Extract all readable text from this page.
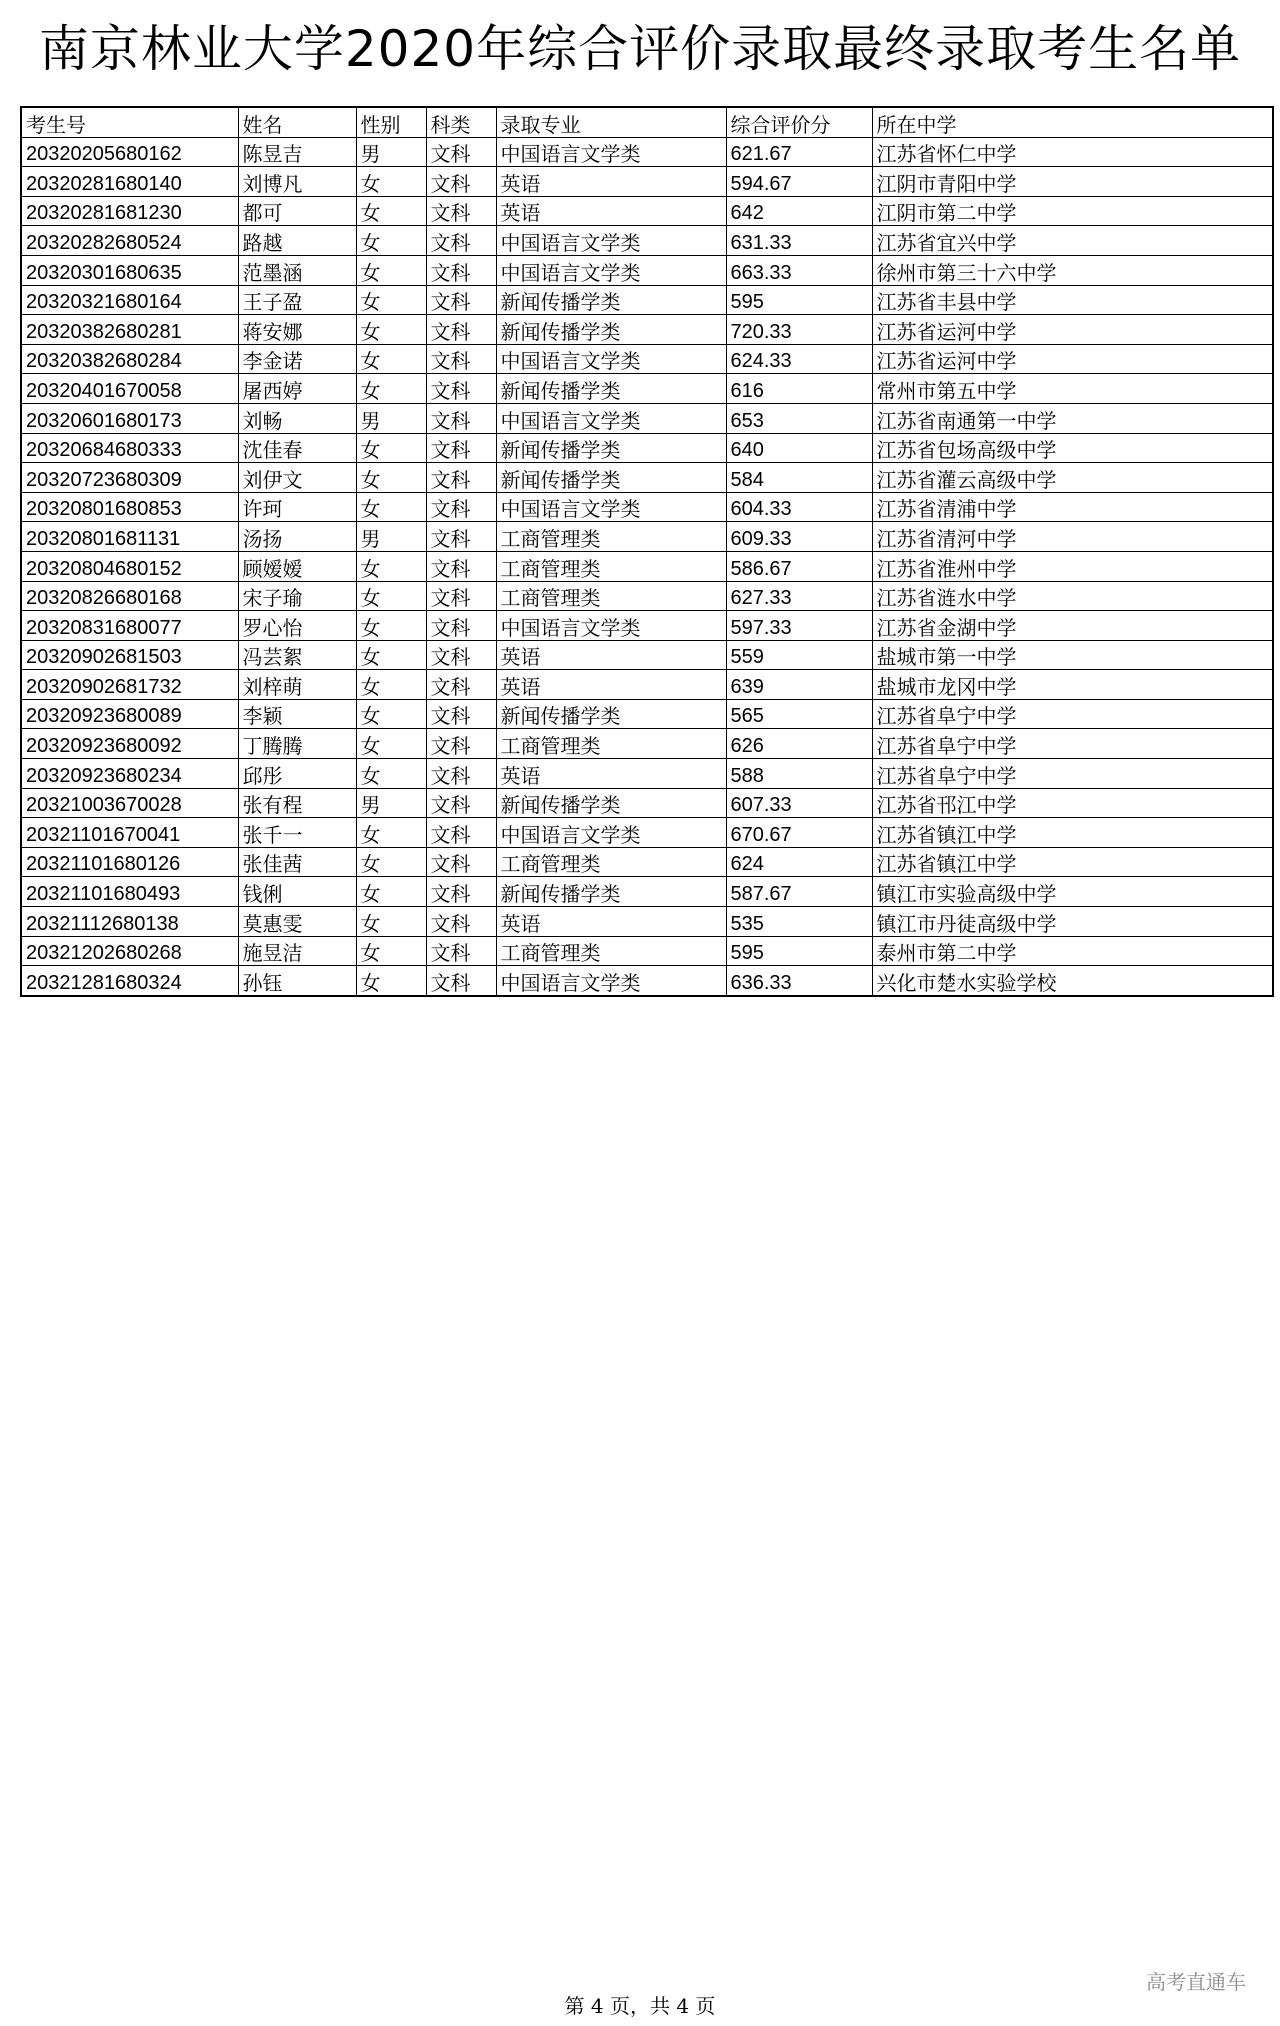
南京林业大学2020年综合评价录取最终录取考生名单
考生号	姓名	性别	科类	录取专业	综合评价分	所在中学
20320205680162	陈昱吉	男	文科	中国语言文学类	621.67	江苏省怀仁中学
20320281680140	刘博凡	女	文科	英语	594.67	江阴市青阳中学
20320281681230	都可	女	文科	英语	642	江阴市第二中学
20320282680524	路越	女	文科	中国语言文学类	631.33	江苏省宜兴中学
20320301680635	范墨涵	女	文科	中国语言文学类	663.33	徐州市第三十六中学
20320321680164	王子盈	女	文科	新闻传播学类	595	江苏省丰县中学
20320382680281	蒋安娜	女	文科	新闻传播学类	720.33	江苏省运河中学
20320382680284	李金诺	女	文科	中国语言文学类	624.33	江苏省运河中学
20320401670058	屠西婷	女	文科	新闻传播学类	616	常州市第五中学
20320601680173	刘畅	男	文科	中国语言文学类	653	江苏省南通第一中学
20320684680333	沈佳春	女	文科	新闻传播学类	640	江苏省包场高级中学
20320723680309	刘伊文	女	文科	新闻传播学类	584	江苏省灌云高级中学
20320801680853	许珂	女	文科	中国语言文学类	604.33	江苏省清浦中学
20320801681131	汤扬	男	文科	工商管理类	609.33	江苏省清河中学
20320804680152	顾嫒嫒	女	文科	工商管理类	586.67	江苏省淮州中学
20320826680168	宋子瑜	女	文科	工商管理类	627.33	江苏省涟水中学
20320831680077	罗心怡	女	文科	中国语言文学类	597.33	江苏省金湖中学
20320902681503	冯芸絮	女	文科	英语	559	盐城市第一中学
20320902681732	刘梓萌	女	文科	英语	639	盐城市龙冈中学
20320923680089	李颖	女	文科	新闻传播学类	565	江苏省阜宁中学
20320923680092	丁腾腾	女	文科	工商管理类	626	江苏省阜宁中学
20320923680234	邱彤	女	文科	英语	588	江苏省阜宁中学
20321003670028	张有程	男	文科	新闻传播学类	607.33	江苏省邗江中学
20321101670041	张千一	女	文科	中国语言文学类	670.67	江苏省镇江中学
20321101680126	张佳茜	女	文科	工商管理类	624	江苏省镇江中学
20321101680493	钱俐	女	文科	新闻传播学类	587.67	镇江市实验高级中学
20321112680138	莫惠雯	女	文科	英语	535	镇江市丹徒高级中学
20321202680268	施昱洁	女	文科	工商管理类	595	泰州市第二中学
20321281680324	孙钰	女	文科	中国语言文学类	636.33	兴化市楚水实验学校
高考直通车
第 4 页，共 4 页
